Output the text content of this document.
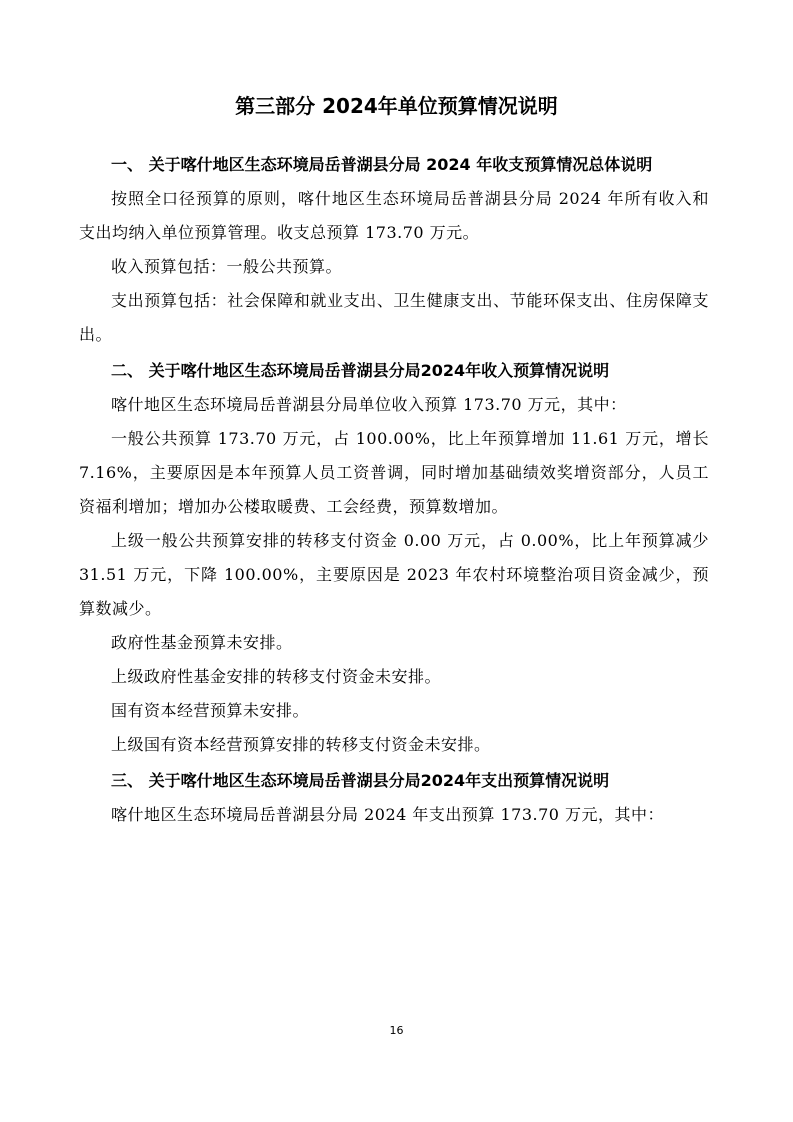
第三部分 2024年单位预算情况说明

一、 关于喀什地区生态环境局岳普湖县分局 2024 年收支预算情况总体说明

按照全口径预算的原则，喀什地区生态环境局岳普湖县分局 2024 年所有收入和支出均纳入单位预算管理。收支总预算 173.70 万元。

收入预算包括：一般公共预算。

支出预算包括：社会保障和就业支出、卫生健康支出、节能环保支出、住房保障支出。

二、 关于喀什地区生态环境局岳普湖县分局2024年收入预算情况说明

喀什地区生态环境局岳普湖县分局单位收入预算 173.70 万元，其中：

一般公共预算 173.70 万元，占 100.00%，比上年预算增加 11.61 万元，增长 7.16%，主要原因是本年预算人员工资普调，同时增加基础绩效奖增资部分，人员工资福利增加；增加办公楼取暖费、工会经费，预算数增加。

上级一般公共预算安排的转移支付资金 0.00 万元，占 0.00%，比上年预算减少 31.51 万元，下降 100.00%，主要原因是 2023 年农村环境整治项目资金减少，预算数减少。

政府性基金预算未安排。

上级政府性基金安排的转移支付资金未安排。

国有资本经营预算未安排。

上级国有资本经营预算安排的转移支付资金未安排。

三、 关于喀什地区生态环境局岳普湖县分局2024年支出预算情况说明

喀什地区生态环境局岳普湖县分局 2024 年支出预算 173.70 万元，其中：

16
